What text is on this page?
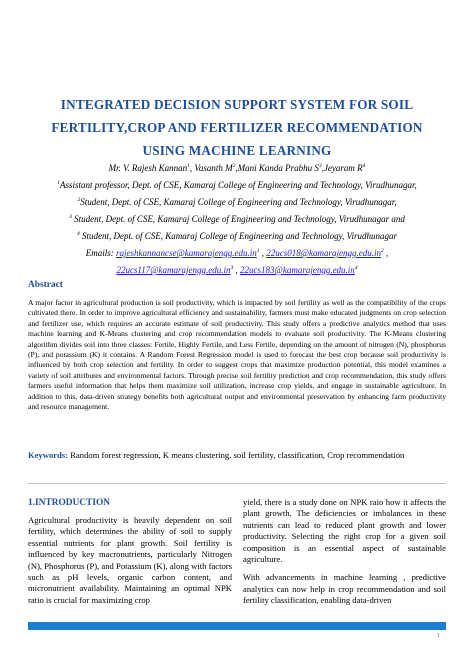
INTEGRATED DECISION SUPPORT SYSTEM FOR SOIL FERTILITY,CROP AND FERTILIZER RECOMMENDATION USING MACHINE LEARNING
Mr. V. Rajesh Kannan$^1$, Vasanth $M^2,Mani$ Kanda Prabhu $S^3,Jeyaram$ $R^4$
$^1$Assistant professor, Dept. of CSE, Kamaraj College of Engineering and Technology, Virudhunagar,
$^2$Student, Dept. of CSE, Kamaraj College of Engineering and Technology, Virudhunagar,
$^3$ Student, Dept. of CSE, Kamaraj College of Engineering and Technology, Virudhunagar and
$^4$ Student, Dept. of CSE, Kamaraj College of Engineering and Technology, Virudhunagar
Emails: $rajeshkannancse@kamarajengg.edu.in^1$ , $22ucs018@kamarajengg.edu.in^2$ ,
$22ucs117@kamarajengg.edu.in^3$ , $22ucs183@kamarajengg.edu.in^4$
Abstract
A major factor in agricultural production is soil productivity, which is impacted by soil fertility as well as the compatibility of the crops cultivated there. In order to improve agricultural efficiency and sustainability, farmers must make educated judgments on crop selection and fertilizer use, which requires an accurate estimate of soil productivity. This study offers a predictive analytics method that uses machine learning and K-Means clustering and crop recommendation models to evaluate soil productivity. The K-Means clustering algorithm divides soil into three classes: Fertile, Highly Fertile, and Less Fertile, depending on the amount of nitrogen (N), phosphorus (P), and potassium (K) it contains. A Random Forest Regression model is used to forecast the best crop because soil productivity is influenced by both crop selection and fertility. In order to suggest crops that maximize production potential, this model examines a variety of soil attributes and environmental factors. Through precise soil fertility prediction and crop recommendation, this study offers farmers useful information that helps them maximize soil utilization, increase crop yields, and engage in sustainable agriculture. In addition to this, data-driven strategy benefits both agricultural output and environmental preservation by enhancing farm productivity and resource management.
Keywords: Random forest regression, K means clustering, soil fertility, classification, Crop recommendation
1.INTRODUCTION
Agricultural productivity is heavily dependent on soil fertility, which determines the ability of soil to supply essential nutrients for plant growth. Soil fertility is influenced by key macronutrients, particularly Nitrogen (N), Phosphorus (P), and Potassium (K), along with factors such as pH levels, organic carbon content, and micronutrient availability. Maintaining an optimal NPK ratio is crucial for maximizing crop

yield, there is a study done on NPK raio how it affects the plant growth. The deficiencies or imbalances in these nutrients can lead to reduced plant growth and lower productivity. Selecting the right crop for a given soil composition is an essential aspect of sustainable agriculture.

With advancements in machine learning , predictive analytics can now help in crop recommendation and soil fertility classification, enabling data-driven

1
